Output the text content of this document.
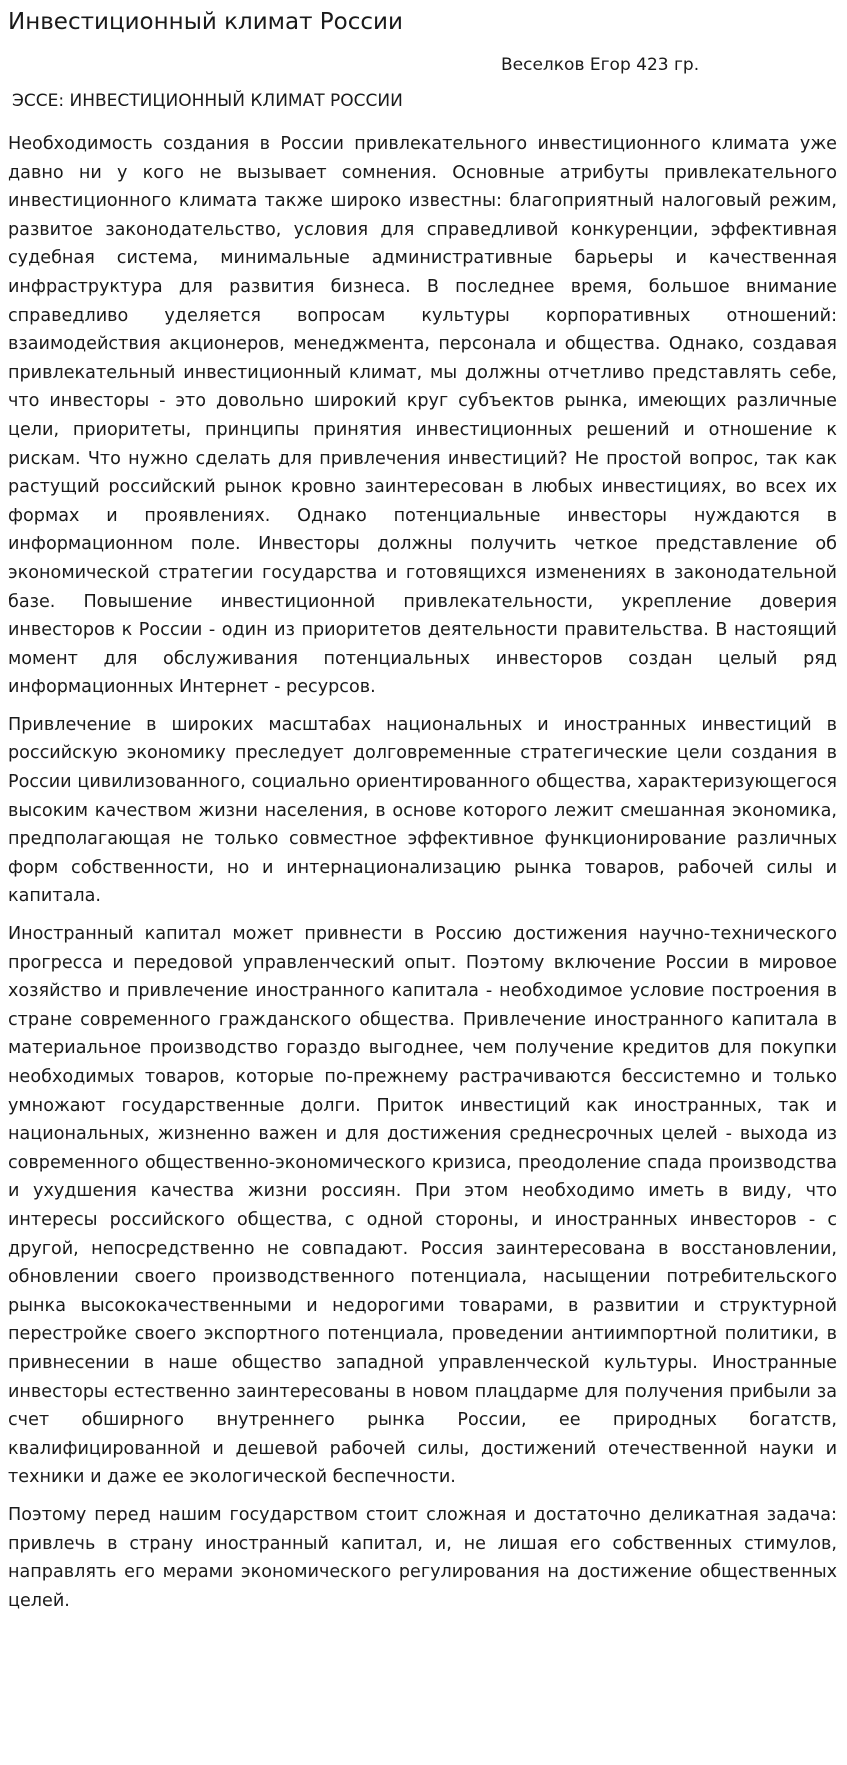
Инвестиционный климат России
Веселков Егор 423 гр.
ЭССЕ: ИНВЕСТИЦИОННЫЙ КЛИМАТ РОССИИ

Необходимость создания в России привлекательного инвестиционного климата уже давно ни у кого не вызывает сомнения. Основные атрибуты привлекательного инвестиционного климата также широко известны: благоприятный налоговый режим, развитое законодательство, условия для справедливой конкуренции, эффективная судебная система, минимальные административные барьеры и качественная инфраструктура для развития бизнеса. В последнее время, большое внимание справедливо уделяется вопросам культуры корпоративных отношений: взаимодействия акционеров, менеджмента, персонала и общества. Однако, создавая привлекательный инвестиционный климат, мы должны отчетливо представлять себе, что инвесторы - это довольно широкий круг субъектов рынка, имеющих различные цели, приоритеты, принципы принятия инвестиционных решений и отношение к рискам. Что нужно сделать для привлечения инвестиций? Не простой вопрос, так как растущий российский рынок кровно заинтересован в любых инвестициях, во всех их формах и проявлениях. Однако потенциальные инвесторы нуждаются в информационном поле. Инвесторы должны получить четкое представление об экономической стратегии государства и готовящихся изменениях в законодательной базе. Повышение инвестиционной привлекательности, укрепление доверия инвесторов к России - один из приоритетов деятельности правительства. В настоящий момент для обслуживания потенциальных инвесторов создан целый ряд информационных Интернет - ресурсов.

Привлечение в широких масштабах национальных и иностранных инвестиций в российскую экономику преследует долговременные стратегические цели создания в России цивилизованного, социально ориентированного общества, характеризующегося высоким качеством жизни населения, в основе которого лежит смешанная экономика, предполагающая не только совместное эффективное функционирование различных форм собственности, но и интернационализацию рынка товаров, рабочей силы и капитала.

Иностранный капитал может привнести в Россию достижения научно-технического прогресса и передовой управленческий опыт. Поэтому включение России в мировое хозяйство и привлечение иностранного капитала - необходимое условие построения в стране современного гражданского общества. Привлечение иностранного капитала в материальное производство гораздо выгоднее, чем получение кредитов для покупки необходимых товаров, которые по-прежнему растрачиваются бессистемно и только умножают государственные долги. Приток инвестиций как иностранных, так и национальных, жизненно важен и для достижения среднесрочных целей - выхода из современного общественно-экономического кризиса, преодоление спада производства и ухудшения качества жизни россиян. При этом необходимо иметь в виду, что интересы российского общества, с одной стороны, и иностранных инвесторов - с другой, непосредственно не совпадают. Россия заинтересована в восстановлении, обновлении своего производственного потенциала, насыщении потребительского рынка высококачественными и недорогими товарами, в развитии и структурной перестройке своего экспортного потенциала, проведении антиимпортной политики, в привнесении в наше общество западной управленческой культуры. Иностранные инвесторы естественно заинтересованы в новом плацдарме для получения прибыли за счет обширного внутреннего рынка России, ее природных богатств, квалифицированной и дешевой рабочей силы, достижений отечественной науки и техники и даже ее экологической беспечности.

Поэтому перед нашим государством стоит сложная и достаточно деликатная задача: привлечь в страну иностранный капитал, и, не лишая его собственных стимулов, направлять его мерами экономического регулирования на достижение общественных целей.
